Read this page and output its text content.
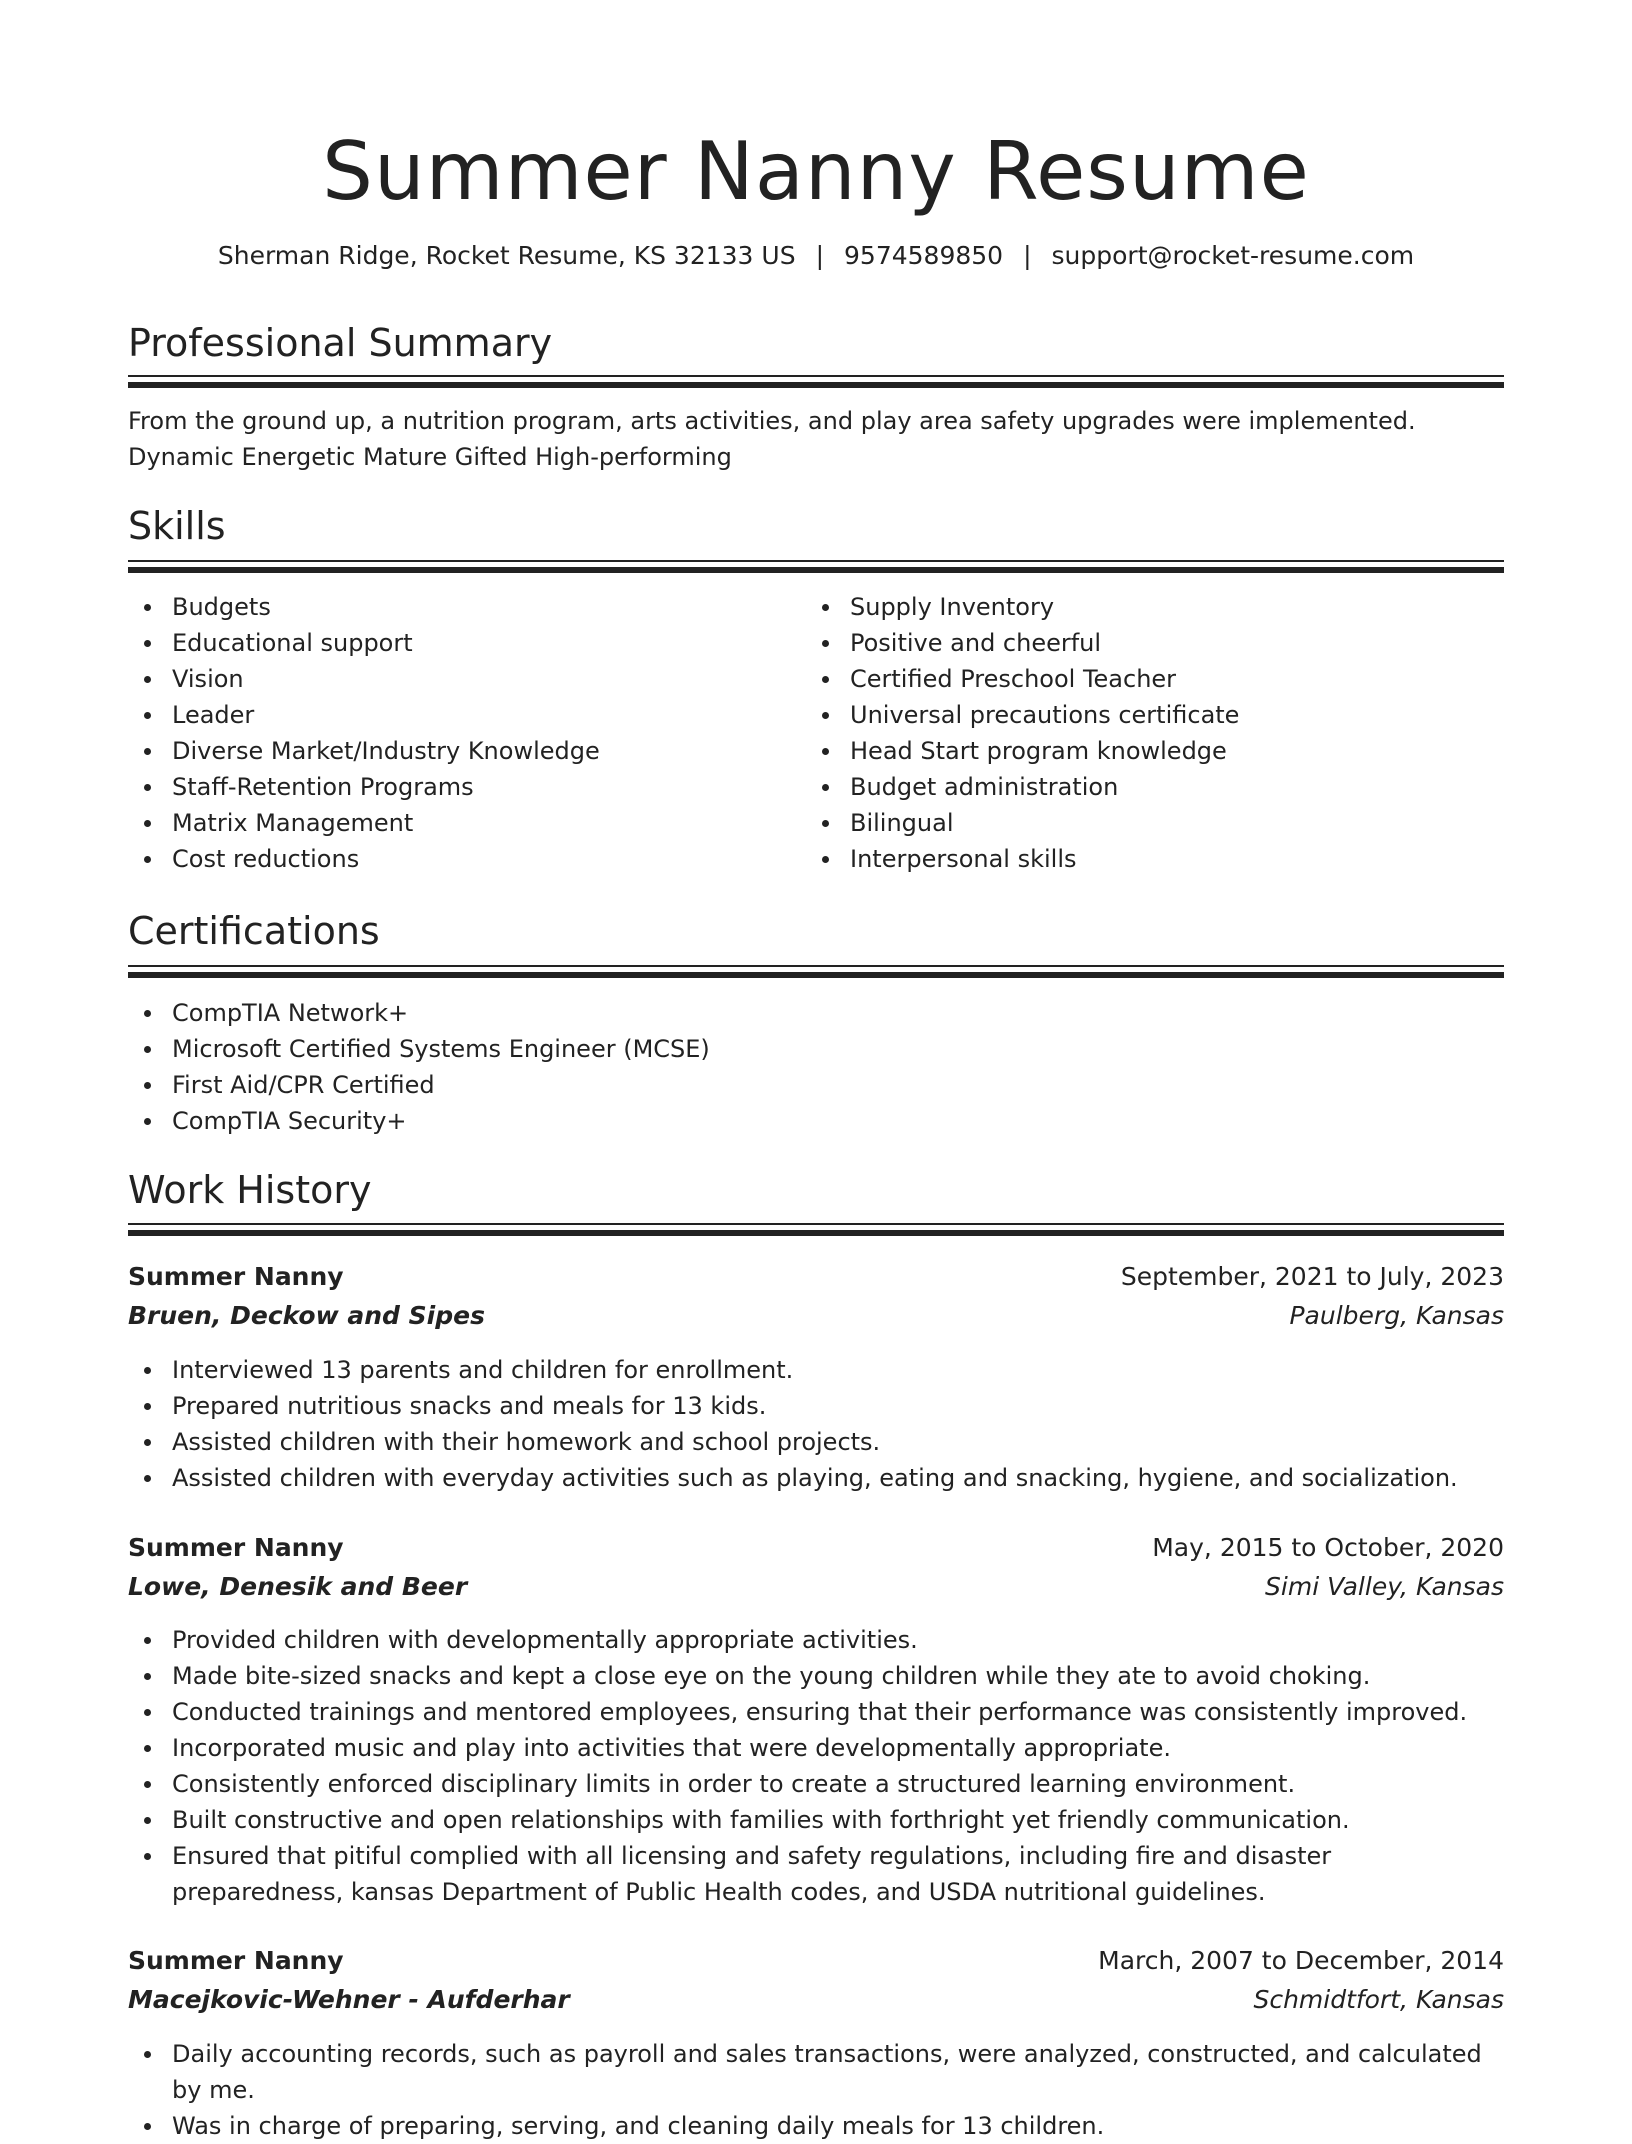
Summer Nanny Resume
Sherman Ridge, Rocket Resume, KS 32133 US | 9574589850 | support@rocket-resume.com
Professional Summary

From the ground up, a nutrition program, arts activities, and play area safety upgrades were implemented. Dynamic Energetic Mature Gifted High-performing

Skills
Budgets
Educational support
Vision
Leader
Diverse Market/Industry Knowledge
Staff-Retention Programs
Matrix Management
Cost reductions
Supply Inventory
Positive and cheerful
Certified Preschool Teacher
Universal precautions certificate
Head Start program knowledge
Budget administration
Bilingual
Interpersonal skills
Certifications
CompTIA Network+
Microsoft Certified Systems Engineer (MCSE)
First Aid/CPR Certified
CompTIA Security+
Work History
Summer Nanny	September, 2021 to July, 2023
Bruen, Deckow and Sipes	Paulberg, Kansas
Interviewed 13 parents and children for enrollment.
Prepared nutritious snacks and meals for 13 kids.
Assisted children with their homework and school projects.
Assisted children with everyday activities such as playing, eating and snacking, hygiene, and socialization.
Summer Nanny	May, 2015 to October, 2020
Lowe, Denesik and Beer	Simi Valley, Kansas
Provided children with developmentally appropriate activities.
Made bite-sized snacks and kept a close eye on the young children while they ate to avoid choking.
Conducted trainings and mentored employees, ensuring that their performance was consistently improved.
Incorporated music and play into activities that were developmentally appropriate.
Consistently enforced disciplinary limits in order to create a structured learning environment.
Built constructive and open relationships with families with forthright yet friendly communication.
Ensured that pitiful complied with all licensing and safety regulations, including fire and disaster preparedness, kansas Department of Public Health codes, and USDA nutritional guidelines.
Summer Nanny	March, 2007 to December, 2014
Macejkovic-Wehner - Aufderhar	Schmidtfort, Kansas
Daily accounting records, such as payroll and sales transactions, were analyzed, constructed, and calculated by me.
Was in charge of preparing, serving, and cleaning daily meals for 13 children.
